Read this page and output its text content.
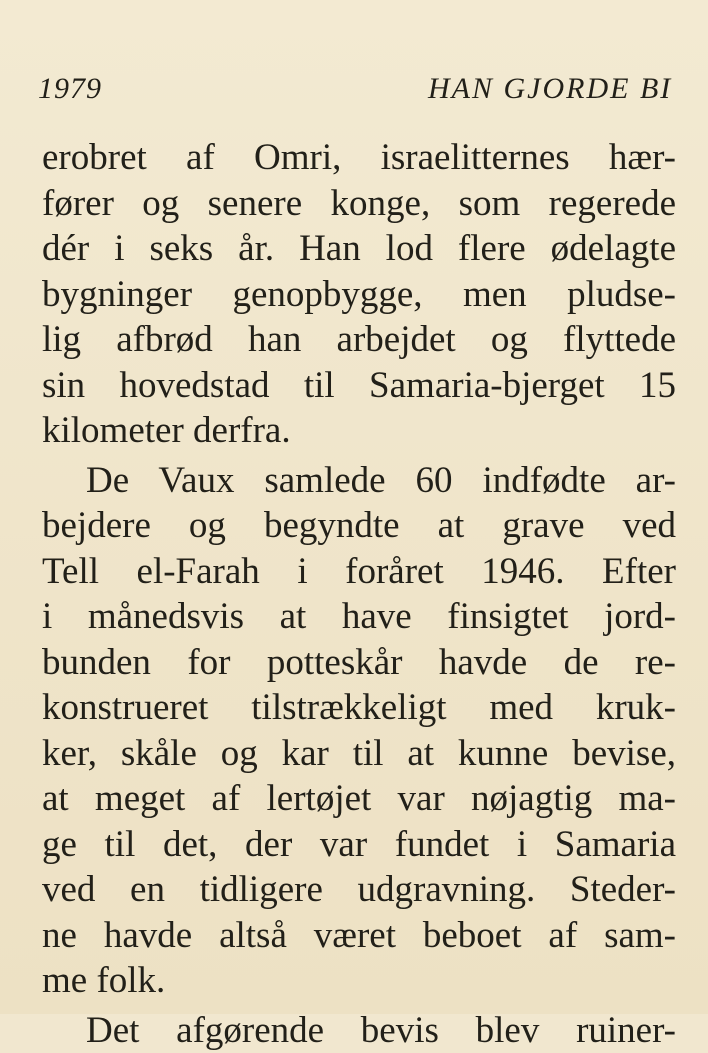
1979	HAN GJORDE BI
erobret af Omri, israelitternes hær-
fører og senere konge, som regerede
dér i seks år. Han lod flere ødelagte
bygninger genopbygge, men pludse-
lig afbrød han arbejdet og flyttede
sin hovedstad til Samaria-bjerget 15
kilometer derfra.
De Vaux samlede 60 indfødte ar-
bejdere og begyndte at grave ved
Tell el-Farah i foråret 1946. Efter
i månedsvis at have finsigtet jord-
bunden for potteskår havde de re-
konstrueret tilstrækkeligt med kruk-
ker, skåle og kar til at kunne bevise,
at meget af lertøjet var nøjagtig ma-
ge til det, der var fundet i Samaria
ved en tidligere udgravning. Steder-
ne havde altså været beboet af sam-
me folk.
Det afgørende bevis blev ruiner-
